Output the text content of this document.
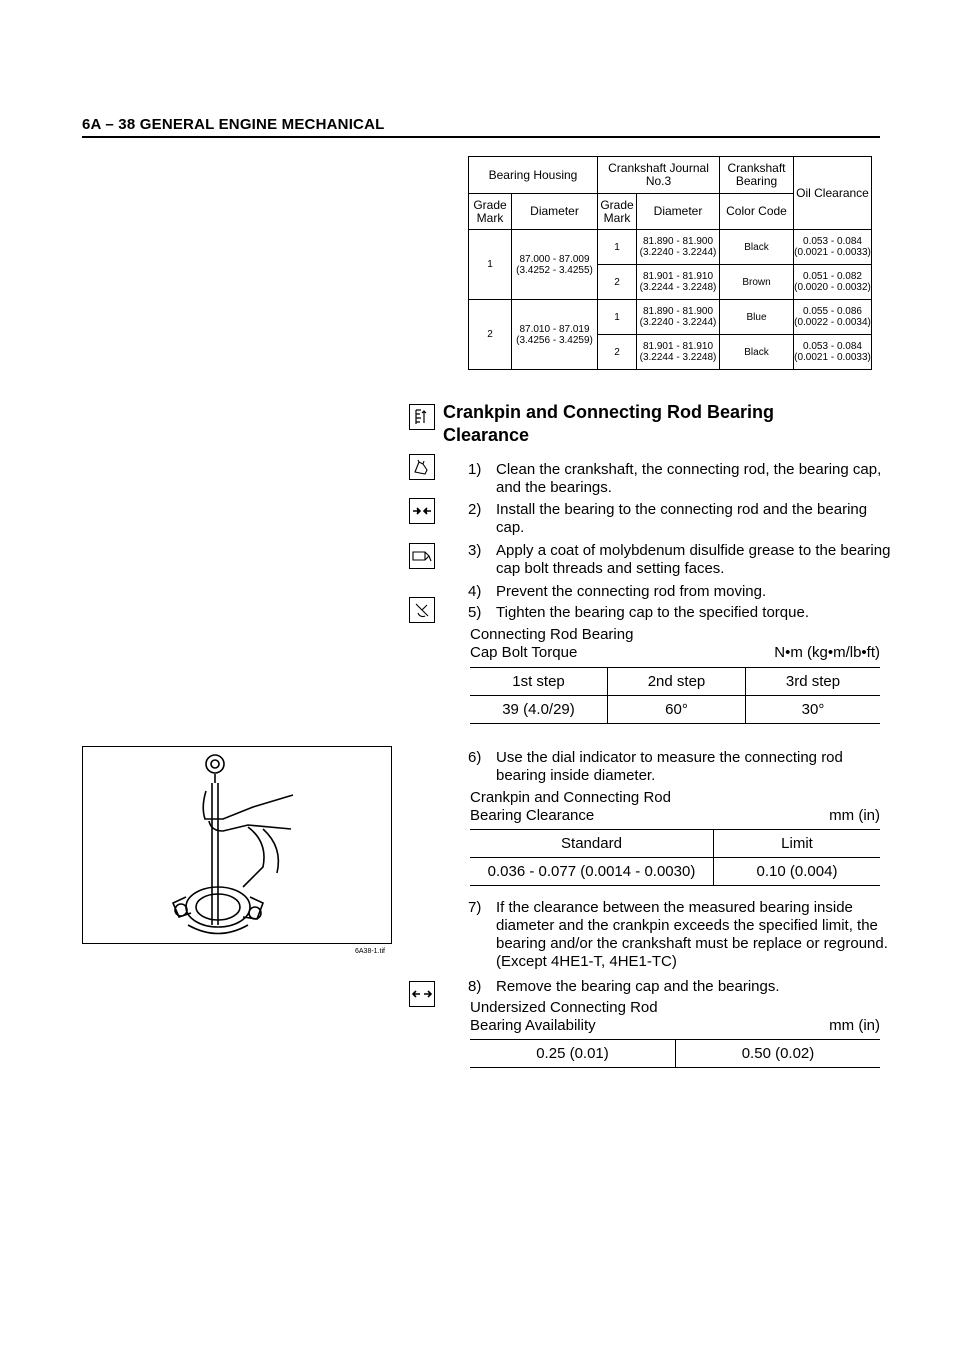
6A – 38 GENERAL ENGINE MECHANICAL
Bearing Housing		Crankshaft Journal No.3		Crankshaft Bearing	Oil Clearance
Grade Mark	Diameter	Grade Mark	Diameter	Color Code	
1	87.000 - 87.009 (3.4252 - 3.4255)	1	81.890 - 81.900 (3.2240 - 3.2244)	Black	0.053 - 0.084 (0.0021 - 0.0033)
		2	81.901 - 81.910 (3.2244 - 3.2248)	Brown	0.051 - 0.082 (0.0020 - 0.0032)
2	87.010 - 87.019 (3.4256 - 3.4259)	1	81.890 - 81.900 (3.2240 - 3.2244)	Blue	0.055 - 0.086 (0.0022 - 0.0034)
		2	81.901 - 81.910 (3.2244 - 3.2248)	Black	0.053 - 0.084 (0.0021 - 0.0033)
Crankpin and Connecting Rod Bearing Clearance
1) Clean the crankshaft, the connecting rod, the bearing cap, and the bearings.
2) Install the bearing to the connecting rod and the bearing cap.
3) Apply a coat of molybdenum disulfide grease to the bearing cap bolt threads and setting faces.
4) Prevent the connecting rod from moving.
5) Tighten the bearing cap to the specified torque.
Connecting Rod Bearing
Cap Bolt Torque	N•m (kg•m/lb•ft)
1st step	2nd step	3rd step
39 (4.0/29)	60°	30°
6A38-1.tif
6) Use the dial indicator to measure the connecting rod bearing inside diameter.
Crankpin and Connecting Rod
Bearing Clearance	mm (in)
Standard	Limit
0.036 - 0.077 (0.0014 - 0.0030)	0.10 (0.004)
7) If the clearance between the measured bearing inside diameter and the crankpin exceeds the specified limit, the bearing and/or the crankshaft must be replace or reground. (Except 4HE1-T, 4HE1-TC)
8) Remove the bearing cap and the bearings.
Undersized Connecting Rod
Bearing Availability	mm (in)
0.25 (0.01)	0.50 (0.02)
